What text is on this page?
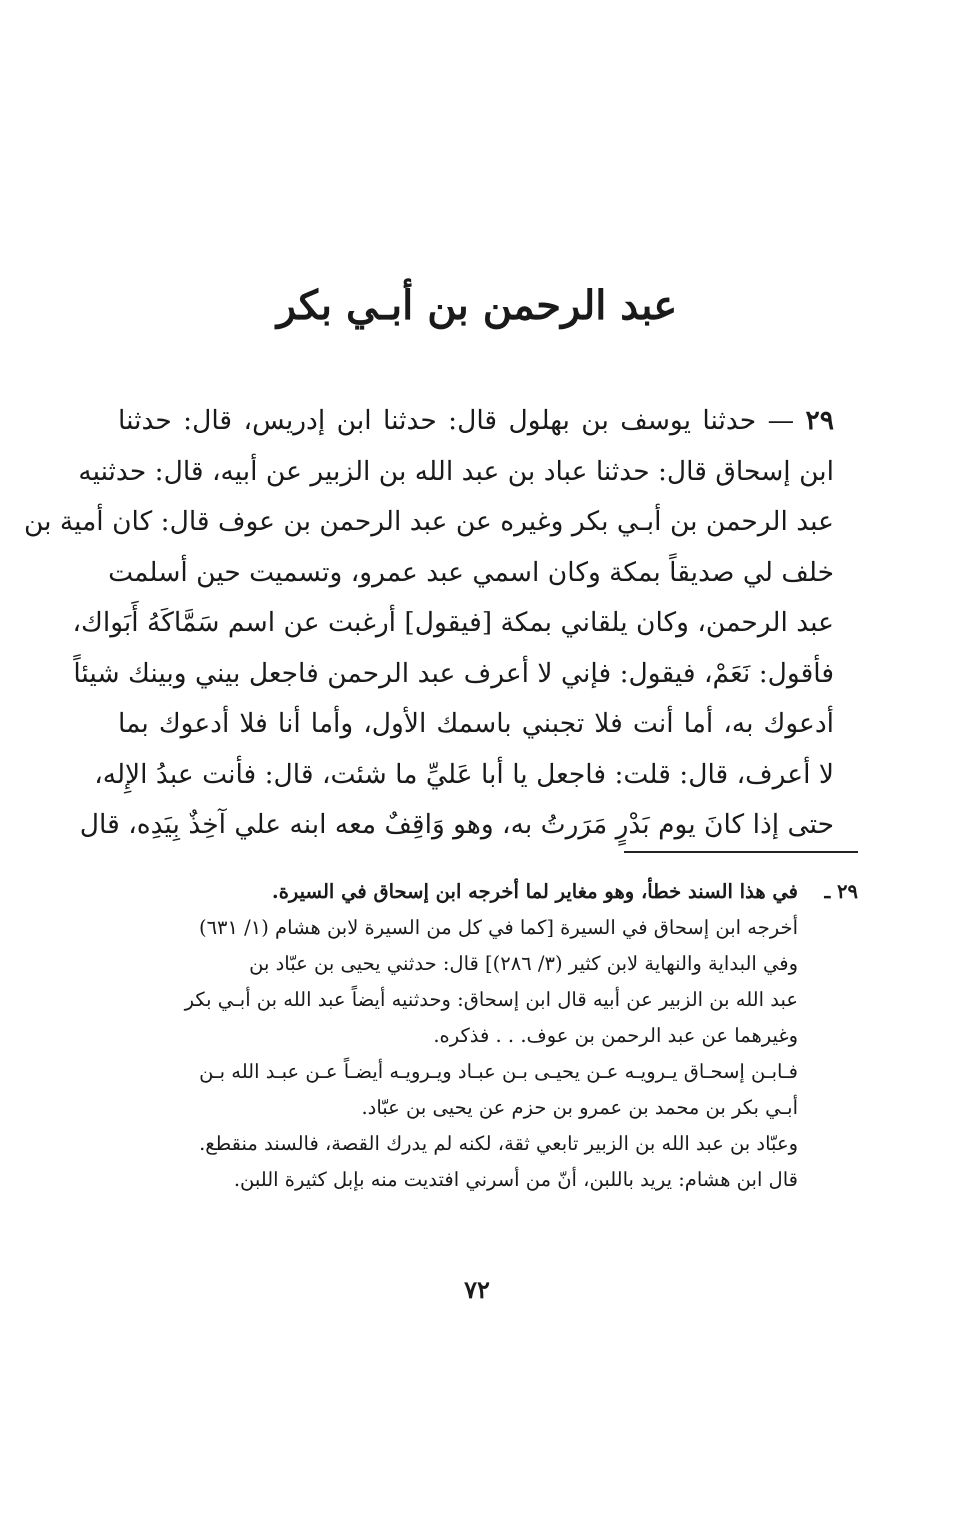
عبد الرحمن بن أبـي بكر
٢٩ — حدثنا يوسف بن بهلول قال: حدثنا ابن إدريس، قال: حدثنا
ابن إسحاق قال: حدثنا عباد بن عبد الله بن الزبير عن أبيه، قال: حدثنيه
عبد الرحمن بن أبـي بكر وغيره عن عبد الرحمن بن عوف قال: كان أمية بن
خلف لي صديقاً بمكة وكان اسمي عبد عمرو، وتسميت حين أسلمت
عبد الرحمن، وكان يلقاني بمكة [فيقول] أرغبت عن اسم سَمَّاكَهُ أَبَواك،
فأقول: نَعَمْ، فيقول: فإني لا أعرف عبد الرحمن فاجعل بيني وبينك شيئاً
أدعوك به، أما أنت فلا تجبني باسمك الأول، وأما أنا فلا أدعوك بما
لا أعرف، قال: قلت: فاجعل يا أبا عَليِّ ما شئت، قال: فأنت عبدُ الإِله،
حتى إذا كانَ يوم بَدْرٍ مَرَرتُ به، وهو وَاقِفٌ معه ابنه علي آخِذٌ بِيَدِه، قال
٢٩ ـ
في هذا السند خطأ، وهو مغاير لما أخرجه ابن إسحاق في السيرة.
أخرجه ابن إسحاق في السيرة [كما في كل من السيرة لابن هشام (١/ ٦٣١)
وفي البداية والنهاية لابن كثير (٣/ ٢٨٦)] قال: حدثني يحيى بن عبّاد بن
عبد الله بن الزبير عن أبيه قال ابن إسحاق: وحدثنيه أيضاً عبد الله بن أبـي بكر
وغيرهما عن عبد الرحمن بن عوف. . . فذكره.
فـابـن إسحـاق يـرويـه عـن يحيـى بـن عبـاد ويـرويـه أيضـاً عـن عبـد الله بـن
أبـي بكر بن محمد بن عمرو بن حزم عن يحيى بن عبّاد.
وعبّاد بن عبد الله بن الزبير تابعي ثقة، لكنه لم يدرك القصة، فالسند منقطع.
قال ابن هشام: يريد باللبن، أنّ من أسرني افتديت منه بإبل كثيرة اللبن.
٧٢
